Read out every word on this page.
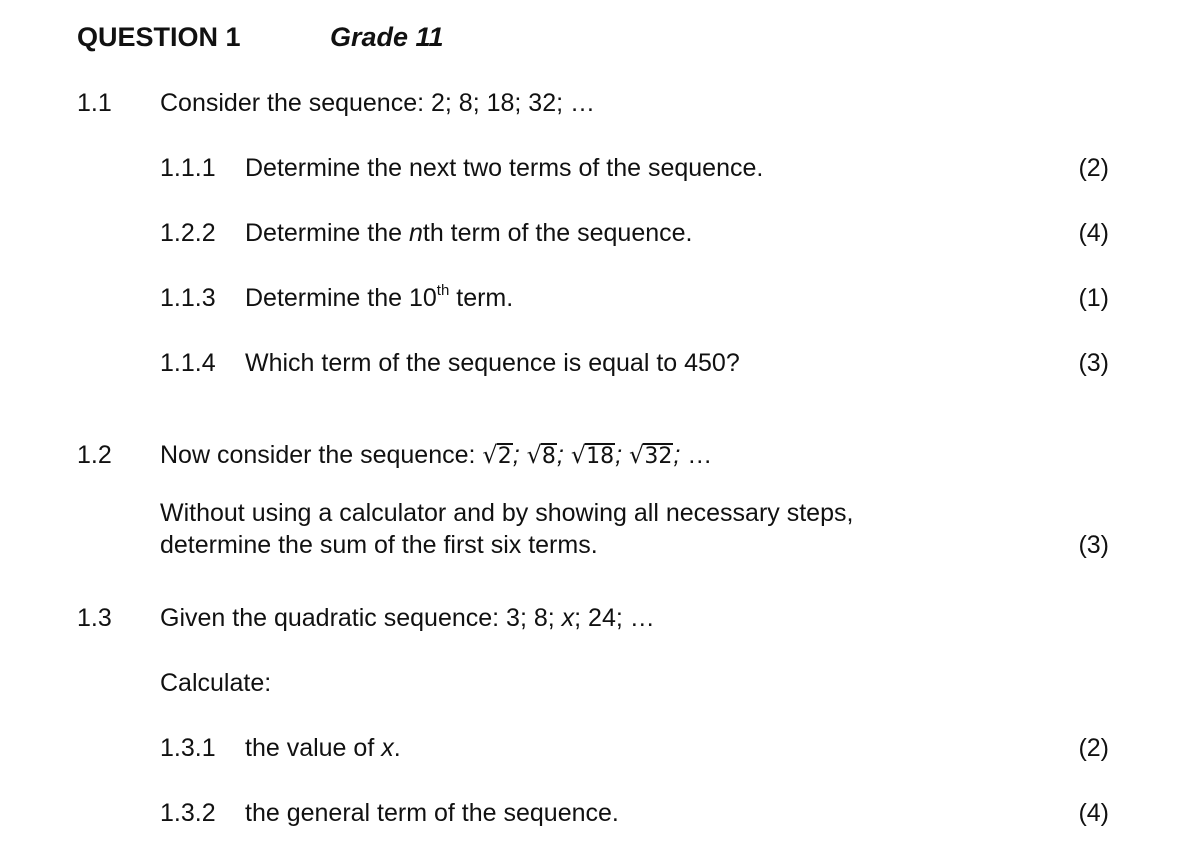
QUESTION 1	Grade 11
1.1 Consider the sequence: 2; 8; 18; 32; …
1.1.1 Determine the next two terms of the sequence.	(2)
1.2.2 Determine the nth term of the sequence.	(4)
1.1.3 Determine the 10th term.	(1)
1.1.4 Which term of the sequence is equal to 450?	(3)
1.2 Now consider the sequence: √2; √8; √18; √32; …
Without using a calculator and by showing all necessary steps,
determine the sum of the first six terms.	(3)
1.3 Given the quadratic sequence: 3; 8; x; 24; …
Calculate:
1.3.1 the value of x.	(2)
1.3.2 the general term of the sequence.	(4)
